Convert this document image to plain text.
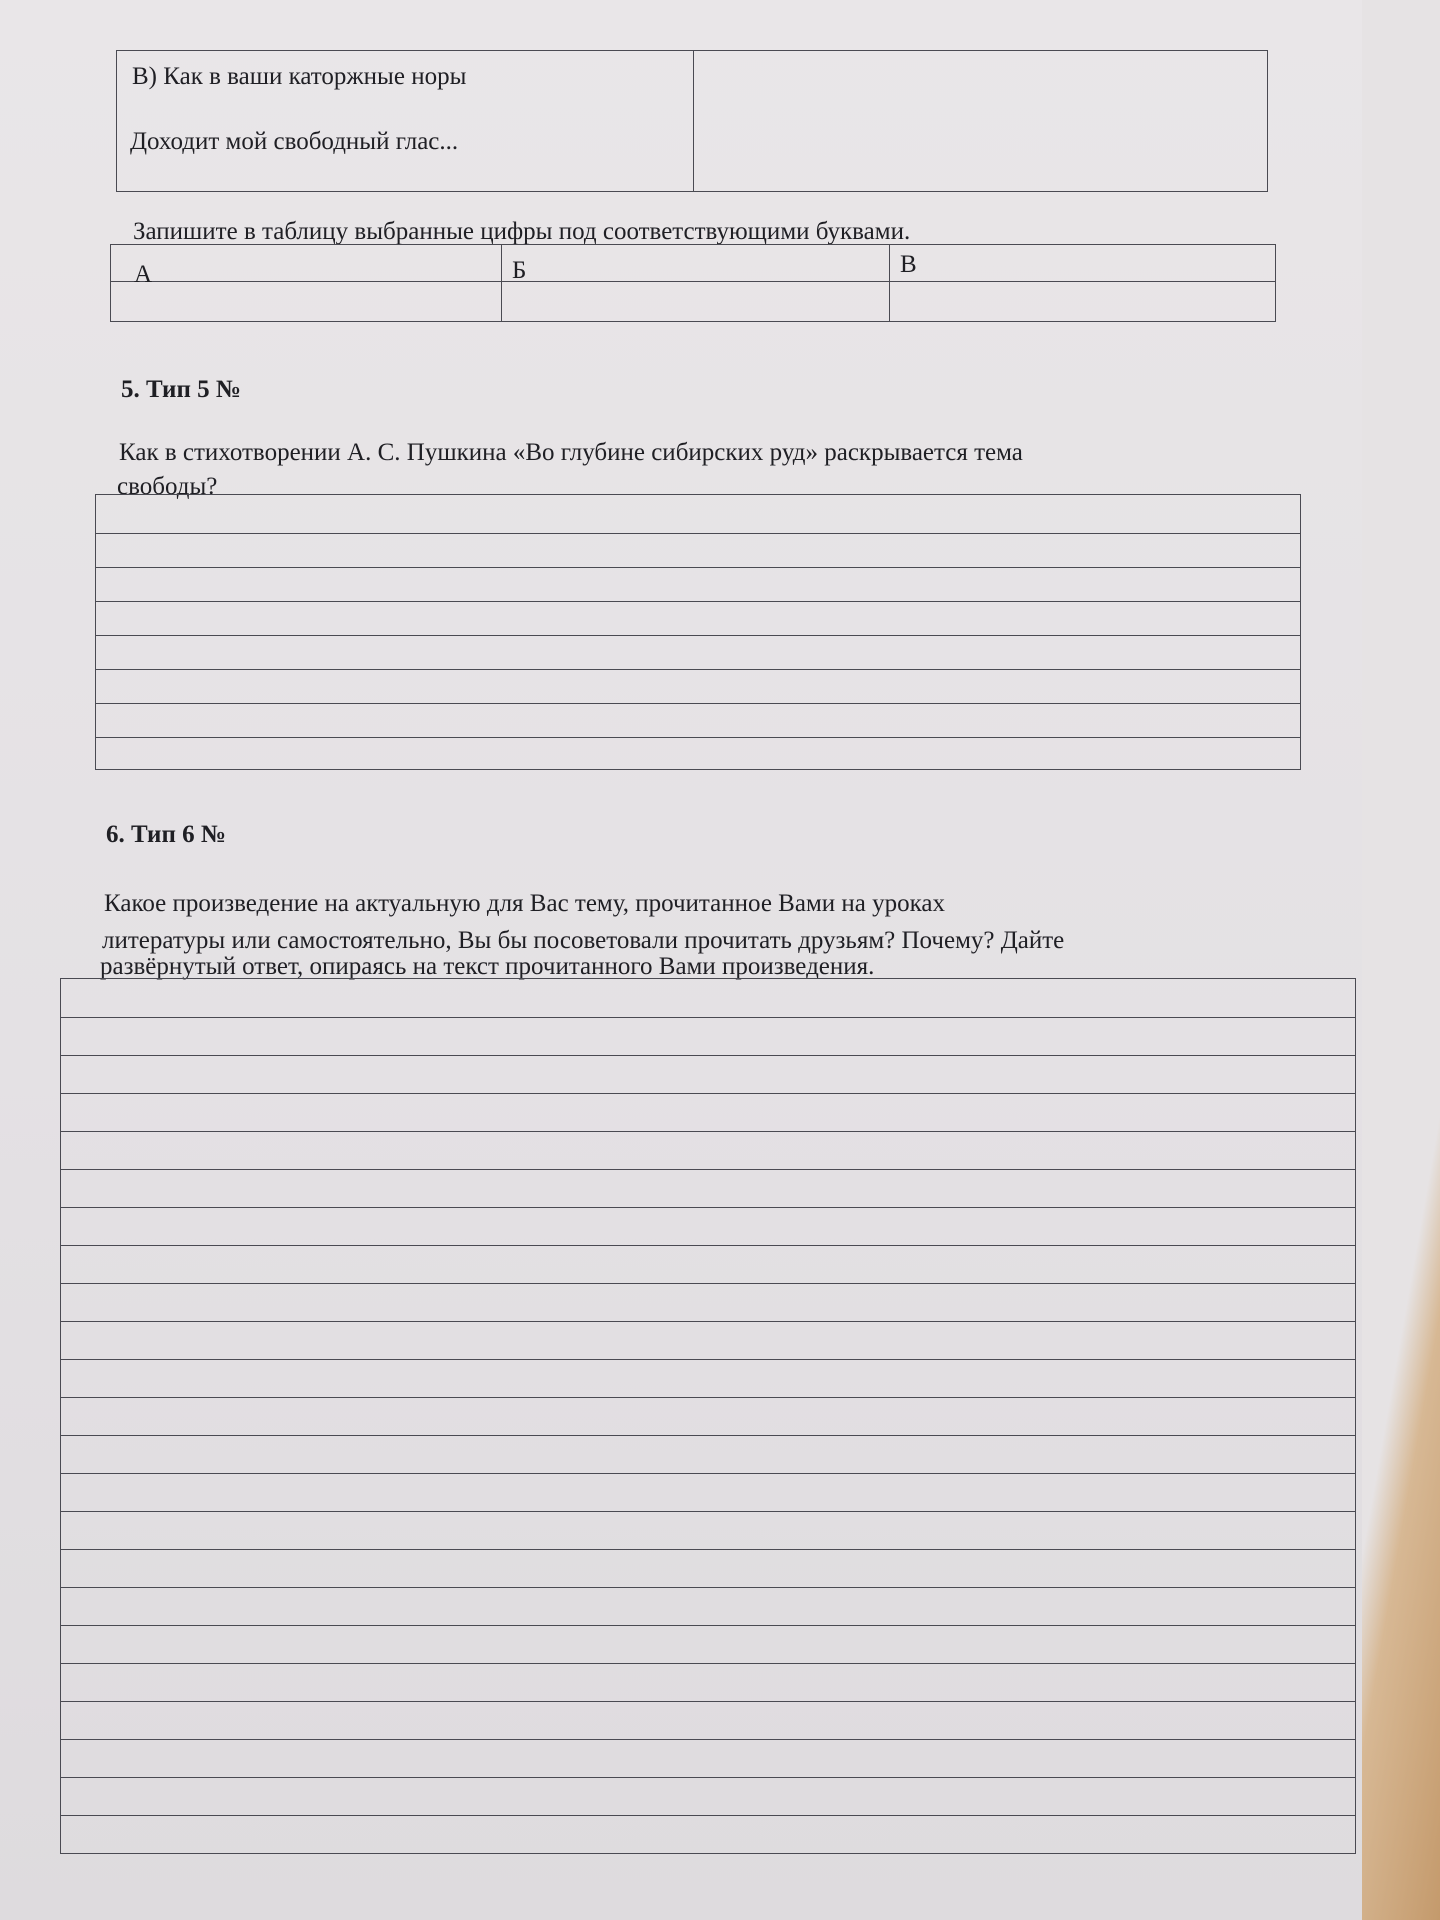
В) Как в ваши каторжные норы
Доходит мой свободный глас...
Запишите в таблицу выбранные цифры под соответствующими буквами.
А	Б	В
5. Тип 5 №
Как в стихотворении А. С. Пушкина «Во глубине сибирских руд» раскрывается тема
свободы?
6. Тип 6 №
Какое произведение на актуальную для Вас тему, прочитанное Вами на уроках
литературы или самостоятельно, Вы бы посоветовали прочитать друзьям? Почему? Дайте
развёрнутый ответ, опираясь на текст прочитанного Вами произведения.
